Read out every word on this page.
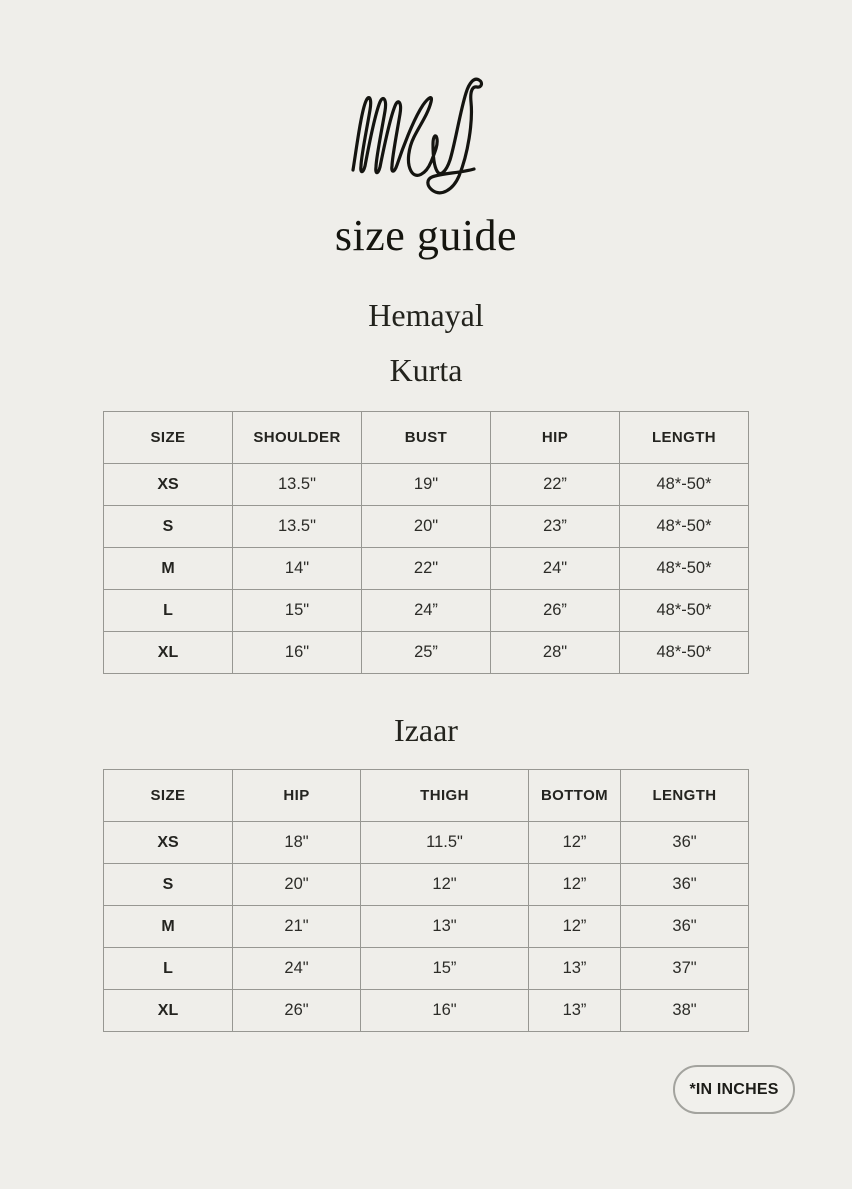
size guide
Hemayal
Kurta
SIZE	SHOULDER	BUST	HIP	LENGTH
XS	13.5"	19"	22”	48*-50*
S	13.5"	20"	23”	48*-50*
M	14"	22"	24"	48*-50*
L	15"	24”	26”	48*-50*
XL	16"	25”	28"	48*-50*
Izaar
SIZE	HIP	THIGH	BOTTOM	LENGTH
XS	18"	11.5"	12”	36"
S	20"	12"	12”	36"
M	21"	13"	12”	36"
L	24"	15”	13”	37"
XL	26"	16"	13”	38"
*IN INCHES
